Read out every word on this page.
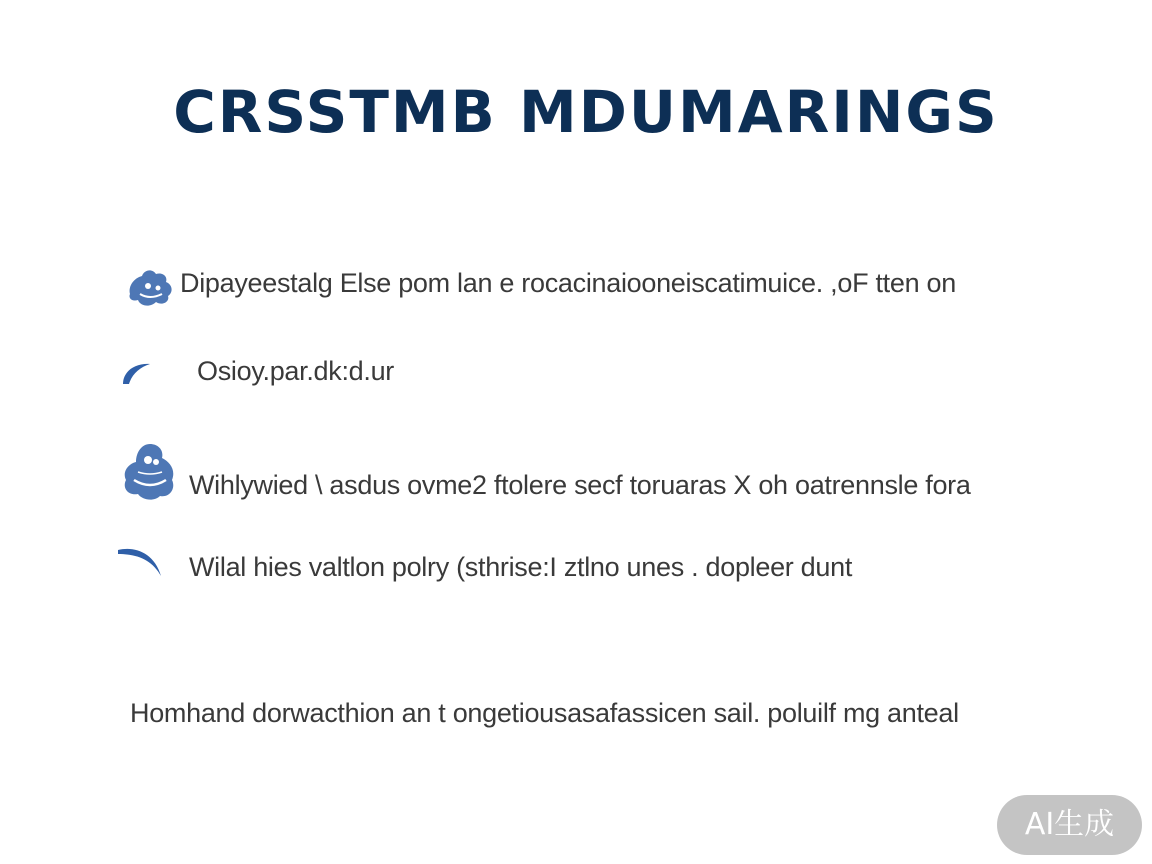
CRSSTMB MDUMARINGS
Dipayeestalg Else pom lan e rocacinaiooneiscatimuice. ,oF tten on
Osioy.par.dk:d.ur
Wihlywied \ asdus ovme2 ftolere secf toruaras X oh oatrennsle fora
Wilal hies valtlon polry (sthrise:I ztlno unes . dopleer dunt
Homhand dorwacthion an t ongetiousasafassicen sail. poluilf mg anteal
AI生成
